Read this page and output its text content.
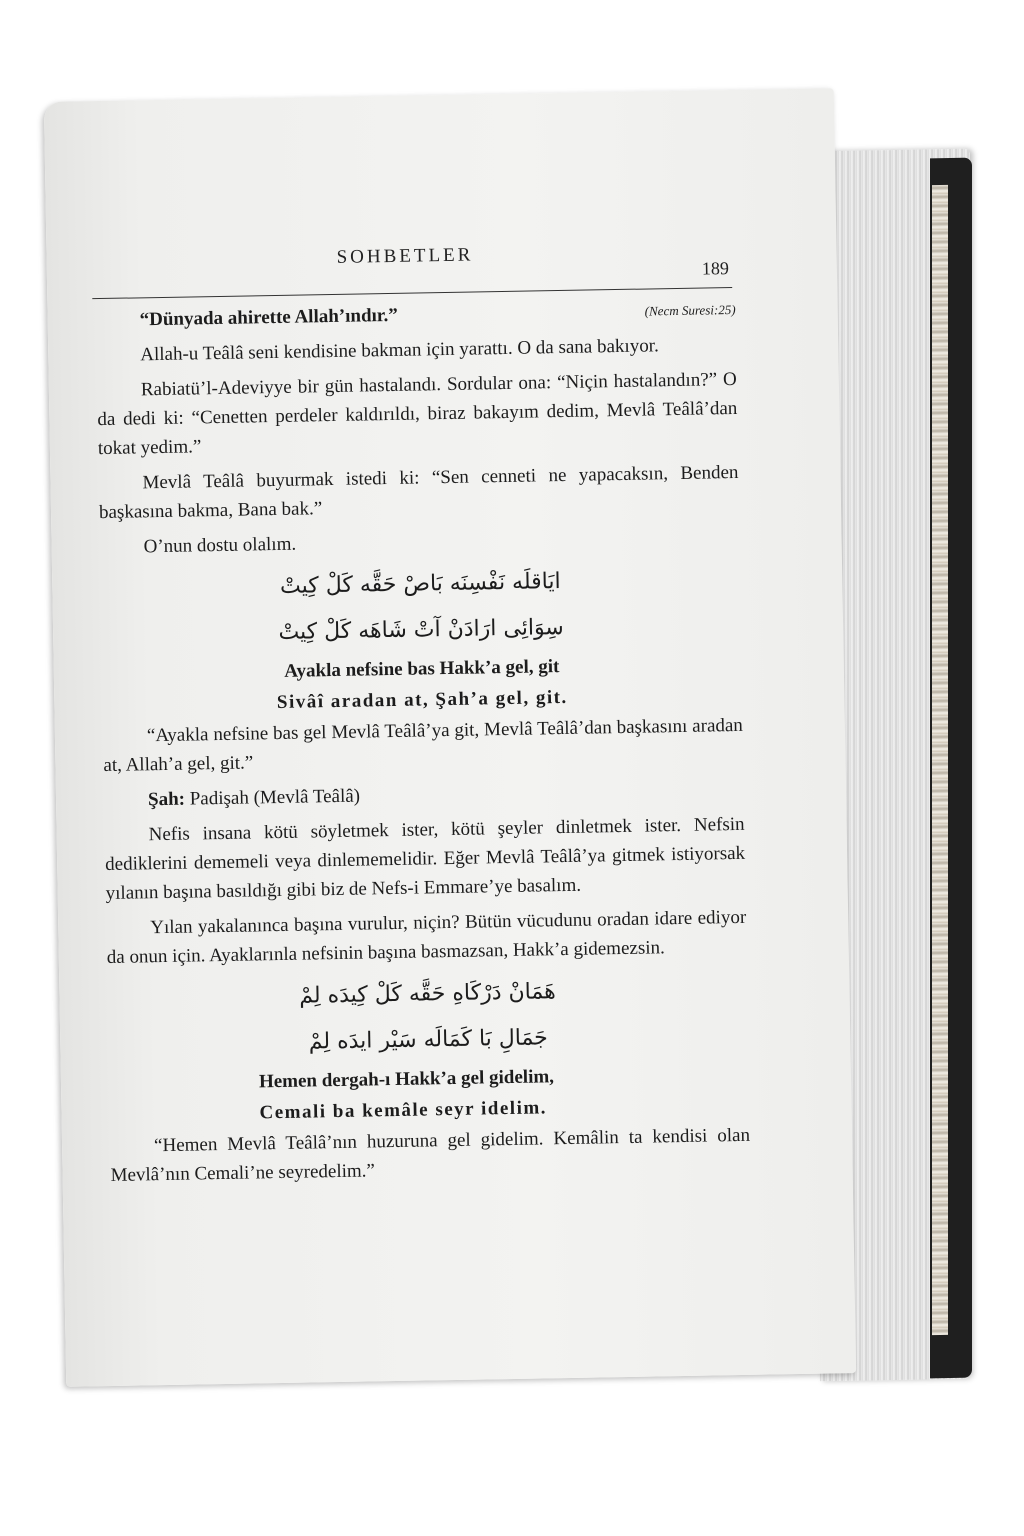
SOHBETLER
189
“Dünyada ahirette Allah’ındır.”	(Necm Suresi:25)

Allah-u Teâlâ seni kendisine bakman için yarattı. O da sana bakıyor.

Rabiatü’l-Adeviyye bir gün hastalandı. Sordular ona: “Niçin hastalandın?” O da dedi ki: “Cenetten perdeler kaldırıldı, biraz bakayım dedim, Mevlâ Teâlâ’dan tokat yedim.”

Mevlâ Teâlâ buyurmak istedi ki: “Sen cenneti ne yapacaksın, Benden başkasına bakma, Bana bak.”

O’nun dostu olalım.

ايَاقلَه نَفْسِنَه بَاصْ حَقَّه كَلْ كِيتْ
سِوَائِى ارَادَنْ آتْ شَاهَه كَلْ كِيتْ
Ayakla nefsine bas Hakk’a gel, git
Sivâî aradan at, Şah’a gel, git.

“Ayakla nefsine bas gel Mevlâ Teâlâ’ya git, Mevlâ Teâlâ’dan başkasını aradan at, Allah’a gel, git.”

Şah: Padişah (Mevlâ Teâlâ)

Nefis insana kötü söyletmek ister, kötü şeyler dinletmek ister. Nefsin dediklerini dememeli veya dinlememelidir. Eğer Mevlâ Teâlâ’ya gitmek istiyorsak yılanın başına basıldığı gibi biz de Nefs-i Emmare’ye basalım.

Yılan yakalanınca başına vurulur, niçin? Bütün vücudunu oradan idare ediyor da onun için. Ayaklarınla nefsinin başına basmazsan, Hakk’a gidemezsin.

هَمَانْ دَرْكَاهِ حَقَّه كَلْ كِيدَه لِمْ
جَمَالِ بَا كَمَالَه سَيْر ايدَه لِمْ
Hemen dergah-ı Hakk’a gel gidelim,
Cemali ba kemâle seyr idelim.

“Hemen Mevlâ Teâlâ’nın huzuruna gel gidelim. Kemâlin ta kendisi olan Mevlâ’nın Cemali’ne seyredelim.”
